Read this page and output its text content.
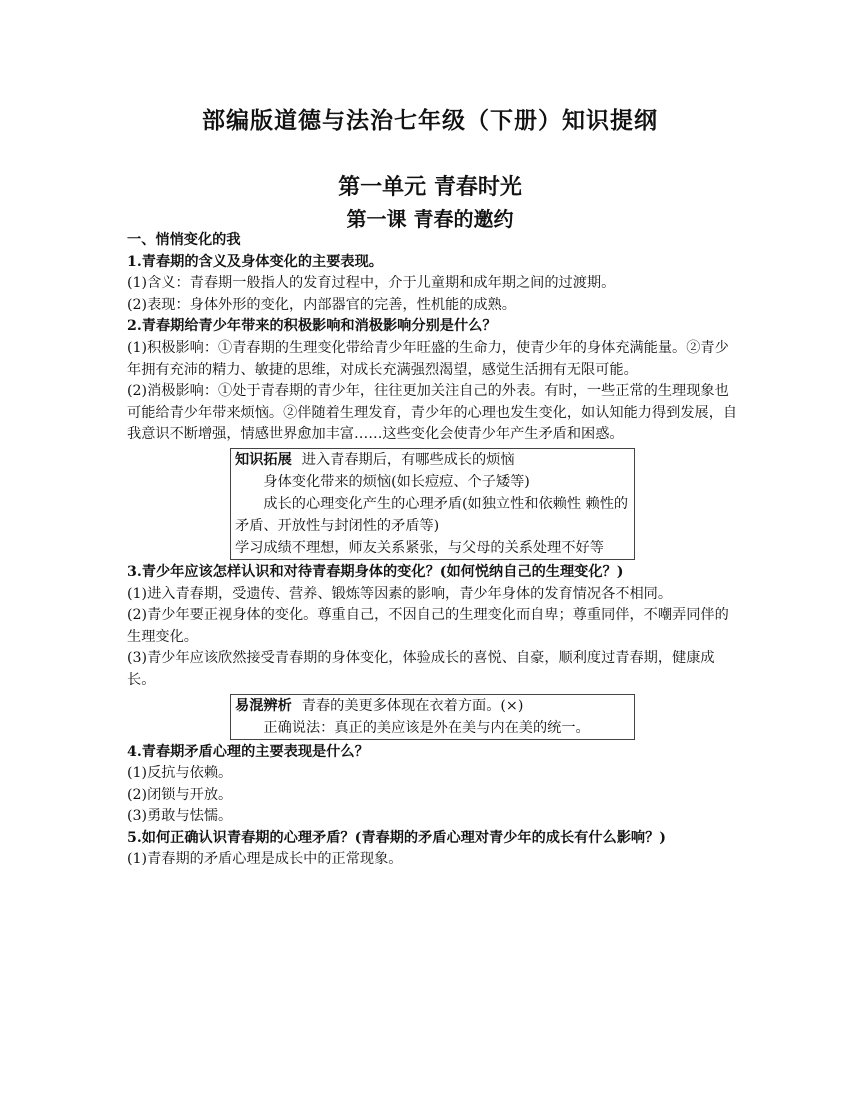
部编版道德与法治七年级（下册）知识提纲
第一单元 青春时光
第一课 青春的邀约

一、悄悄变化的我

1.青春期的含义及身体变化的主要表现。

(1)含义：青春期一般指人的发育过程中，介于儿童期和成年期之间的过渡期。

(2)表现：身体外形的变化，内部器官的完善，性机能的成熟。

2.青春期给青少年带来的积极影响和消极影响分别是什么？

(1)积极影响：①青春期的生理变化带给青少年旺盛的生命力，使青少年的身体充满能量。②青少年拥有充沛的精力、敏捷的思维，对成长充满强烈渴望，感觉生活拥有无限可能。

(2)消极影响：①处于青春期的青少年，往往更加关注自己的外表。有时，一些正常的生理现象也可能给青少年带来烦恼。②伴随着生理发育，青少年的心理也发生变化，如认知能力得到发展，自我意识不断增强，情感世界愈加丰富……这些变化会使青少年产生矛盾和困惑。

知识拓展 进入青春期后，有哪些成长的烦恼

身体变化带来的烦恼(如长痘痘、个子矮等)

成长的心理变化产生的心理矛盾(如独立性和依赖性 赖性的矛盾、开放性与封闭性的矛盾等)

学习成绩不理想，师友关系紧张，与父母的关系处理不好等

3.青少年应该怎样认识和对待青春期身体的变化？(如何悦纳自己的生理变化？)

(1)进入青春期，受遗传、营养、锻炼等因素的影响，青少年身体的发育情况各不相同。

(2)青少年要正视身体的变化。尊重自己，不因自己的生理变化而自卑；尊重同伴，不嘲弄同伴的生理变化。

(3)青少年应该欣然接受青春期的身体变化，体验成长的喜悦、自豪，顺利度过青春期，健康成长。

易混辨析 青春的美更多体现在衣着方面。(×)

正确说法：真正的美应该是外在美与内在美的统一。

4.青春期矛盾心理的主要表现是什么？

(1)反抗与依赖。

(2)闭锁与开放。

(3)勇敢与怯懦。

5.如何正确认识青春期的心理矛盾？(青春期的矛盾心理对青少年的成长有什么影响？)

(1)青春期的矛盾心理是成长中的正常现象。
